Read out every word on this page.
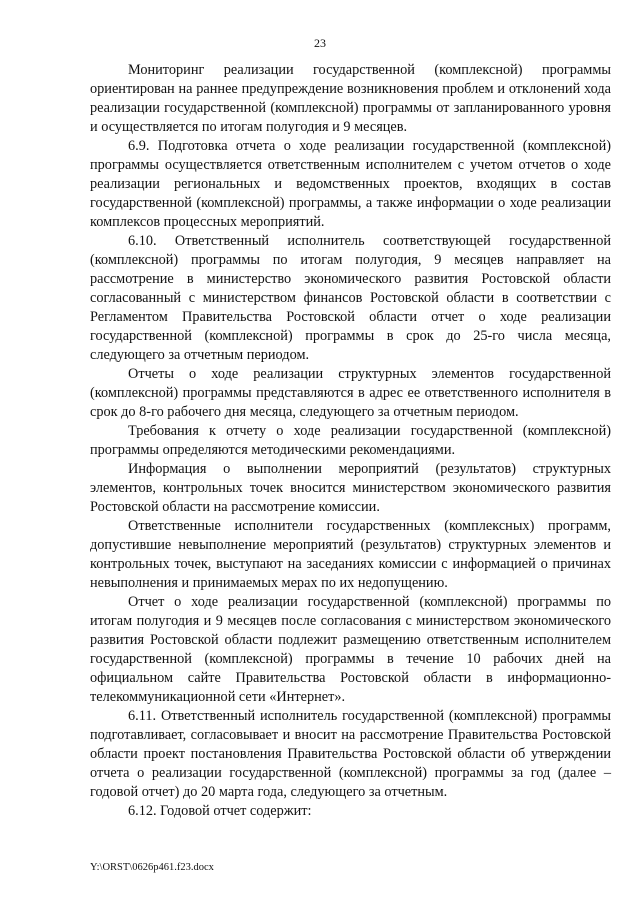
23

Мониторинг реализации государственной (комплексной) программы ориентирован на раннее предупреждение возникновения проблем и отклонений хода реализации государственной (комплексной) программы от запланированного уровня и осуществляется по итогам полугодия и 9 месяцев.

6.9. Подготовка отчета о ходе реализации государственной (комплексной) программы осуществляется ответственным исполнителем с учетом отчетов о ходе реализации региональных и ведомственных проектов, входящих в состав государственной (комплексной) программы, а также информации о ходе реализации комплексов процессных мероприятий.

6.10. Ответственный исполнитель соответствующей государственной (комплексной) программы по итогам полугодия, 9 месяцев направляет на рассмотрение в министерство экономического развития Ростовской области согласованный с министерством финансов Ростовской области в соответствии с Регламентом Правительства Ростовской области отчет о ходе реализации государственной (комплексной) программы в срок до 25-го числа месяца, следующего за отчетным периодом.

Отчеты о ходе реализации структурных элементов государственной (комплексной) программы представляются в адрес ее ответственного исполнителя в срок до 8-го рабочего дня месяца, следующего за отчетным периодом.

Требования к отчету о ходе реализации государственной (комплексной) программы определяются методическими рекомендациями.

Информация о выполнении мероприятий (результатов) структурных элементов, контрольных точек вносится министерством экономического развития Ростовской области на рассмотрение комиссии.

Ответственные исполнители государственных (комплексных) программ, допустившие невыполнение мероприятий (результатов) структурных элементов и контрольных точек, выступают на заседаниях комиссии с информацией о причинах невыполнения и принимаемых мерах по их недопущению.

Отчет о ходе реализации государственной (комплексной) программы по итогам полугодия и 9 месяцев после согласования с министерством экономического развития Ростовской области подлежит размещению ответственным исполнителем государственной (комплексной) программы в течение 10 рабочих дней на официальном сайте Правительства Ростовской области в информационно-телекоммуникационной сети «Интернет».

6.11. Ответственный исполнитель государственной (комплексной) программы подготавливает, согласовывает и вносит на рассмотрение Правительства Ростовской области проект постановления Правительства Ростовской области об утверждении отчета о реализации государственной (комплексной) программы за год (далее – годовой отчет) до 20 марта года, следующего за отчетным.

6.12. Годовой отчет содержит:

Y:\ORST\0626p461.f23.docx
